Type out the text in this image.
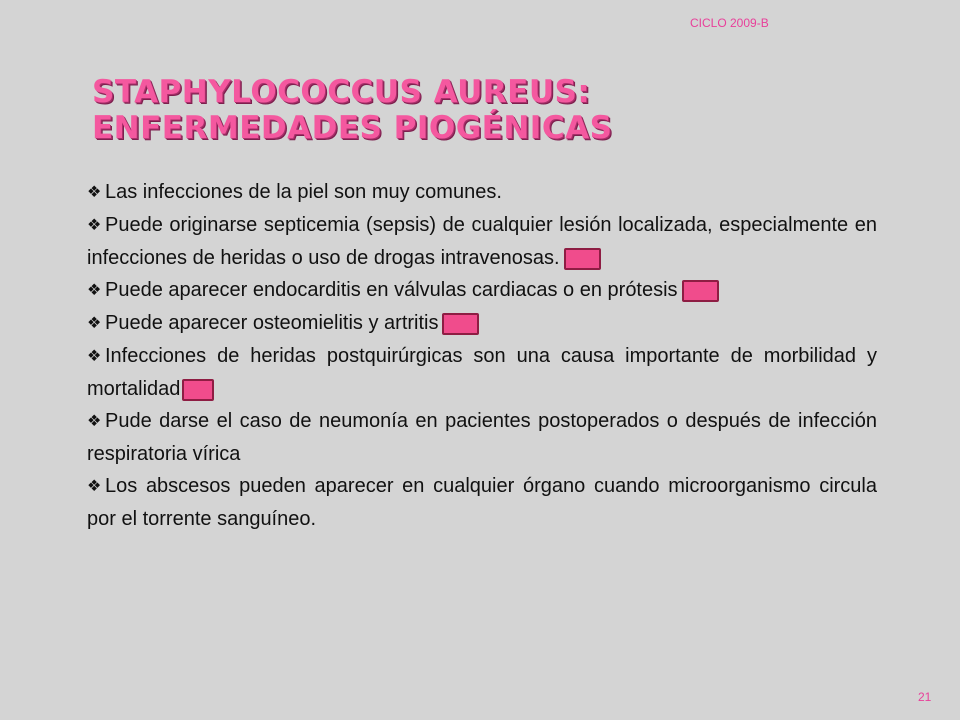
CICLO 2009-B
STAPHYLOCOCCUS AUREUS:
ENFERMEDADES PIOGÉNICAS
❖ Las infecciones de la piel son muy comunes.
❖ Puede originarse septicemia (sepsis) de cualquier lesión localizada, especialmente en infecciones de heridas o uso de drogas intravenosas.
❖ Puede aparecer endocarditis en válvulas cardiacas o en prótesis
❖ Puede aparecer osteomielitis y artritis
❖ Infecciones de heridas postquirúrgicas son una causa importante de morbilidad y mortalidad
❖ Pude darse el caso de neumonía en pacientes postoperados o después de infección respiratoria vírica
❖ Los abscesos pueden aparecer en cualquier órgano cuando microorganismo circula por el torrente sanguíneo.
21
